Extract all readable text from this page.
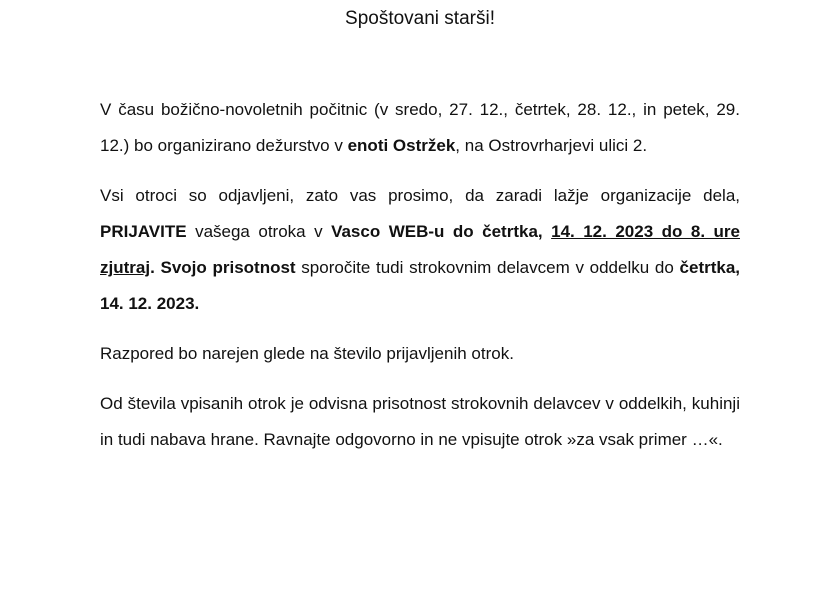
Spoštovani starši!
V času božično-novoletnih počitnic (v sredo, 27. 12., četrtek, 28. 12., in petek, 29. 12.) bo organizirano dežurstvo v enoti Ostržek, na Ostrovrharjevi ulici 2.
Vsi otroci so odjavljeni, zato vas prosimo, da zaradi lažje organizacije dela, PRIJAVITE vašega otroka v Vasco WEB-u do četrtka, 14. 12. 2023 do 8. ure zjutraj. Svojo prisotnost sporočite tudi strokovnim delavcem v oddelku do četrtka, 14. 12. 2023.
Razpored bo narejen glede na število prijavljenih otrok.
Od števila vpisanih otrok je odvisna prisotnost strokovnih delavcev v oddelkih, kuhinji in tudi nabava hrane. Ravnajte odgovorno in ne vpisujte otrok »za vsak primer …«.
